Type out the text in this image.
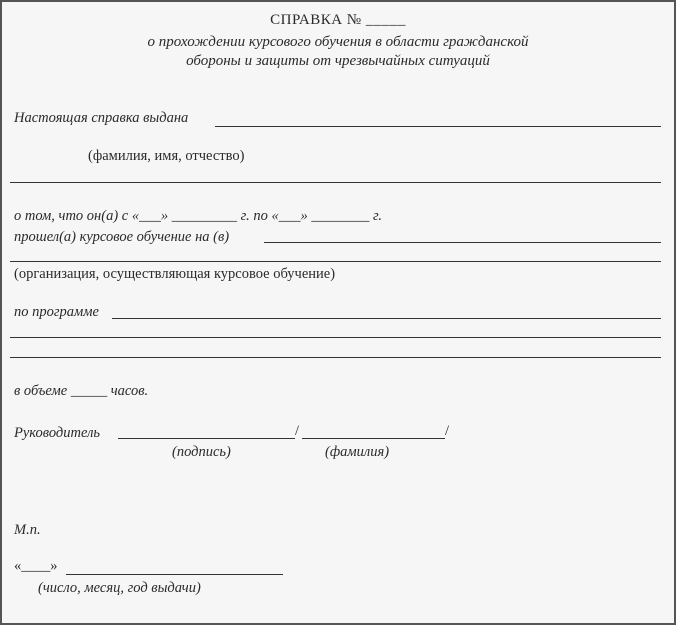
СПРАВКА № _____
о прохождении курсового обучения в области гражданской
обороны и защиты от чрезвычайных ситуаций
Настоящая справка выдана
(фамилия, имя, отчество)
о том, что он(а) с «___» _________ г. по «___» ________ г.
прошел(а) курсовое обучение на (в)
(организация, осуществляющая курсовое обучение)
по программе
в объеме _____ часов.
Руководитель	/	/
(подпись)	(фамилия)
М.п.
«____»
(число, месяц, год выдачи)
